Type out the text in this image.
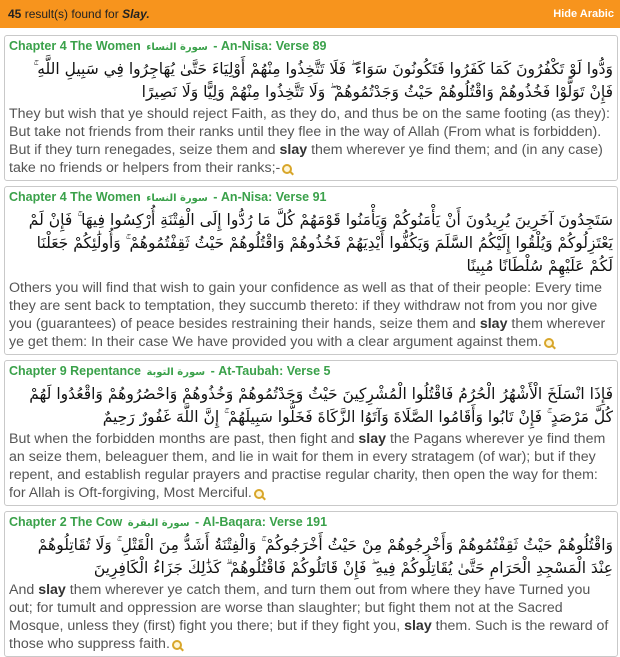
45 result(s) found for Slay.	Hide Arabic
Chapter 4 The Women سورة النساء - An-Nisa: Verse 89
وَدُّوا لَوْ تَكْفُرُونَ كَمَا كَفَرُوا فَتَكُونُونَ سَوَاءً ۖ فَلَا تَتَّخِذُوا مِنْهُمْ أَوْلِيَاءَ حَتَّىٰ يُهَاجِرُوا فِي سَبِيلِ اللَّهِ ۚ
فَإِنْ تَوَلَّوْا فَخُذُوهُمْ وَاقْتُلُوهُمْ حَيْثُ وَجَدْتُمُوهُمْ ۖ وَلَا تَتَّخِذُوا مِنْهُمْ وَلِيًّا وَلَا نَصِيرًا
They but wish that ye should reject Faith, as they do, and thus be on the same footing (as they): But take not friends from their ranks until they flee in the way of Allah (From what is forbidden). But if they turn renegades, seize them and slay them wherever ye find them; and (in any case) take no friends or helpers from their ranks;-
Chapter 4 The Women سورة النساء - An-Nisa: Verse 91
سَتَجِدُونَ آخَرِينَ يُرِيدُونَ أَنْ يَأْمَنُوكُمْ وَيَأْمَنُوا قَوْمَهُمْ كُلَّ مَا رُدُّوا إِلَى الْفِتْنَةِ أُرْكِسُوا فِيهَا ۚ فَإِنْ لَمْ
يَعْتَزِلُوكُمْ وَيُلْقُوا إِلَيْكُمُ السَّلَمَ وَيَكُفُّوا أَيْدِيَهُمْ فَخُذُوهُمْ وَاقْتُلُوهُمْ حَيْثُ ثَقِفْتُمُوهُمْ ۚ وَأُولَٰئِكُمْ جَعَلْنَا
لَكُمْ عَلَيْهِمْ سُلْطَانًا مُبِينًا
Others you will find that wish to gain your confidence as well as that of their people: Every time they are sent back to temptation, they succumb thereto: if they withdraw not from you nor give you (guarantees) of peace besides restraining their hands, seize them and slay them wherever ye get them: In their case We have provided you with a clear argument against them.
Chapter 9 Repentance سورة التوبة - At-Taubah: Verse 5
فَإِذَا انْسَلَخَ الْأَشْهُرُ الْحُرُمُ فَاقْتُلُوا الْمُشْرِكِينَ حَيْثُ وَجَدْتُمُوهُمْ وَخُذُوهُمْ وَاحْصُرُوهُمْ وَاقْعُدُوا لَهُمْ
كُلَّ مَرْصَدٍ ۚ فَإِنْ تَابُوا وَأَقَامُوا الصَّلَاةَ وَآتَوُا الزَّكَاةَ فَخَلُّوا سَبِيلَهُمْ ۚ إِنَّ اللَّهَ غَفُورٌ رَحِيمٌ
But when the forbidden months are past, then fight and slay the Pagans wherever ye find them an seize them, beleaguer them, and lie in wait for them in every stratagem (of war); but if they repent, and establish regular prayers and practise regular charity, then open the way for them: for Allah is Oft-forgiving, Most Merciful.
Chapter 2 The Cow سورة البقرة - Al-Baqara: Verse 191
وَاقْتُلُوهُمْ حَيْثُ ثَقِفْتُمُوهُمْ وَأَخْرِجُوهُمْ مِنْ حَيْثُ أَخْرَجُوكُمْ ۚ وَالْفِتْنَةُ أَشَدُّ مِنَ الْقَتْلِ ۚ وَلَا تُقَاتِلُوهُمْ
عِنْدَ الْمَسْجِدِ الْحَرَامِ حَتَّىٰ يُقَاتِلُوكُمْ فِيهِ ۖ فَإِنْ قَاتَلُوكُمْ فَاقْتُلُوهُمْ ۗ كَذَٰلِكَ جَزَاءُ الْكَافِرِينَ
And slay them wherever ye catch them, and turn them out from where they have Turned you out; for tumult and oppression are worse than slaughter; but fight them not at the Sacred Mosque, unless they (first) fight you there; but if they fight you, slay them. Such is the reward of those who suppress faith.
